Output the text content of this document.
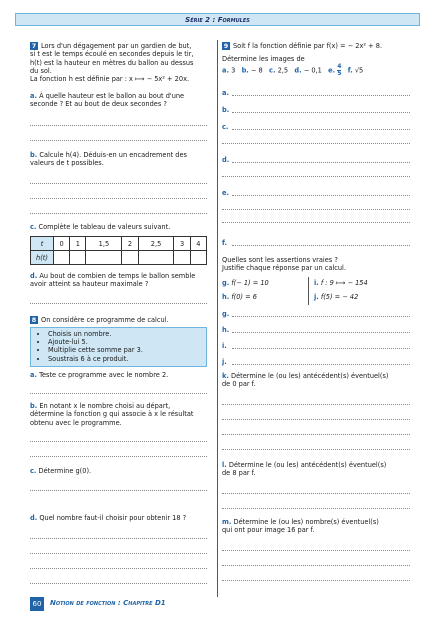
Série 2 : Formules
7 Lors d'un dégagement par un gardien de but,
si t est le temps écoulé en secondes depuis le tir,
h(t) est la hauteur en mètres du ballon au dessus
du sol.
La fonction h est définie par : x ⟼ − 5x² + 20x.
a. À quelle hauteur est le ballon au bout d'une
seconde ? Et au bout de deux secondes ?
b. Calcule h(4). Déduis-en un encadrement des
valeurs de t possibles.
c. Complète le tableau de valeurs suivant.
t	0	1	1,5	2	2,5	3	4
h(t)							
d. Au bout de combien de temps le ballon semble
avoir atteint sa hauteur maximale ?
8 On considère ce programme de calcul.
• Choisis un nombre.
• Ajoute-lui 5.
• Multiplie cette somme par 3.
• Soustrais 6 à ce produit.
a. Teste ce programme avec le nombre 2.
b. En notant x le nombre choisi au départ,
détermine la fonction g qui associe à x le résultat
obtenu avec le programme.
c. Détermine g(0).
d. Quel nombre faut-il choisir pour obtenir 18 ?
9 Soit f la fonction définie par f(x) = − 2x² + 8.
Détermine les images de
a. 3 b. − 8 c. 2,5 d. − 0,1 e. $\frac{4}{5} f$. √5
a.
b.
c.
d.
e.
f.
Quelles sont les assertions vraies ?
Justifie chaque réponse par un calcul.
g. f(− 1) = 10	i. f : 9 ⟼ − 154
j. f(5) = − 42
h. f(0) = 6
g.
h.
i.
j.
k. Détermine le (ou les) antécédent(s) éventuel(s)
de 0 par f.
l. Détermine le (ou les) antécédent(s) éventuel(s)
de 8 par f.
m. Détermine le (ou les) nombre(s) éventuel(s)
qui ont pour image 16 par f.
60	Notion de fonction : Chapitre D1
